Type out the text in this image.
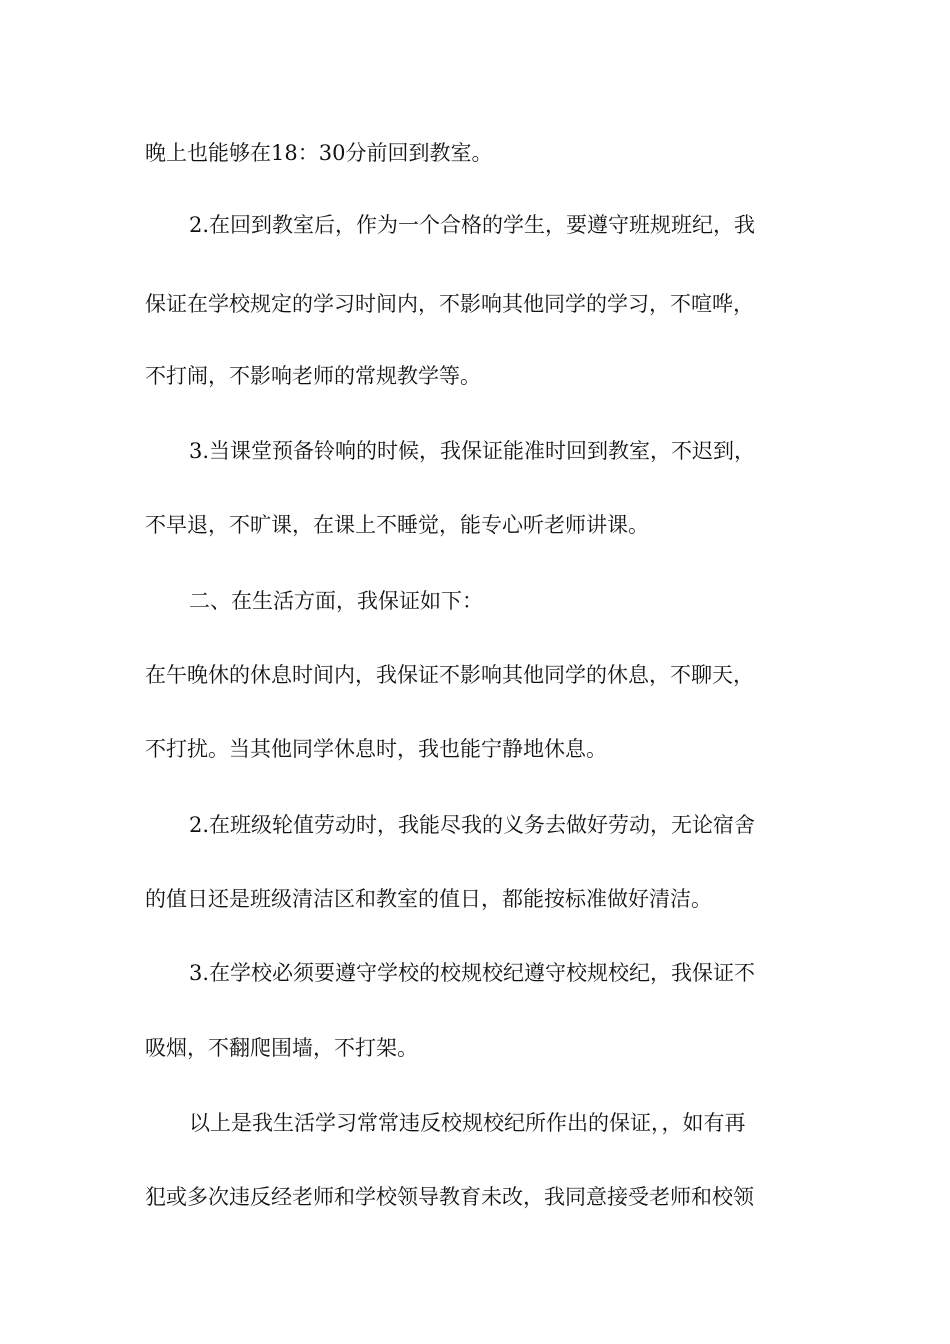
晚上也能够在18：30分前回到教室。

2.在回到教室后，作为一个合格的学生，要遵守班规班纪，我

保证在学校规定的学习时间内，不影响其他同学的学习，不喧哗，

不打闹，不影响老师的常规教学等。

3.当课堂预备铃响的时候，我保证能准时回到教室，不迟到，

不早退，不旷课，在课上不睡觉，能专心听老师讲课。

二、在生活方面，我保证如下：

在午晚休的休息时间内，我保证不影响其他同学的休息，不聊天，

不打扰。当其他同学休息时，我也能宁静地休息。

2.在班级轮值劳动时，我能尽我的义务去做好劳动，无论宿舍

的值日还是班级清洁区和教室的值日，都能按标准做好清洁。

3.在学校必须要遵守学校的校规校纪遵守校规校纪，我保证不

吸烟，不翻爬围墙，不打架。

以上是我生活学习常常违反校规校纪所作出的保证，，如有再

犯或多次违反经老师和学校领导教育未改，我同意接受老师和校领
